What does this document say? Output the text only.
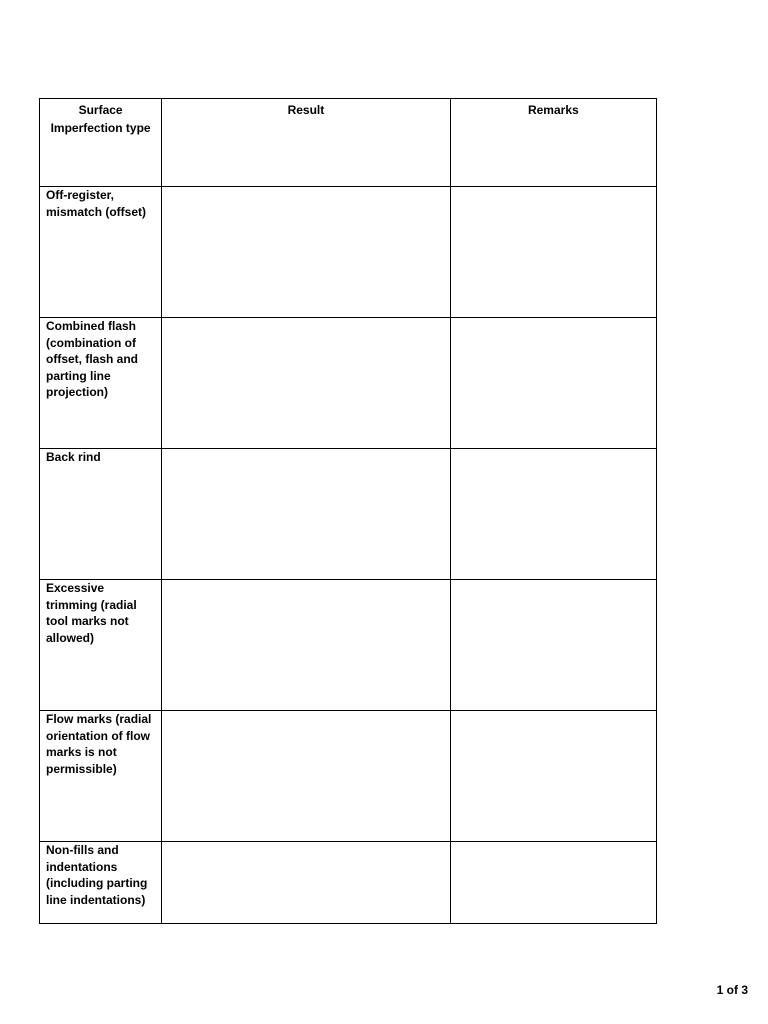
Surface Imperfection type	Result	Remarks

Off-register, mismatch (offset)		

Combined flash (combination of offset, flash and parting line projection)		

Back rind		

Excessive trimming (radial tool marks not allowed)		

Flow marks (radial orientation of flow marks is not permissible)		

Non-fills and indentations (including parting line indentations)		

1 of 3
